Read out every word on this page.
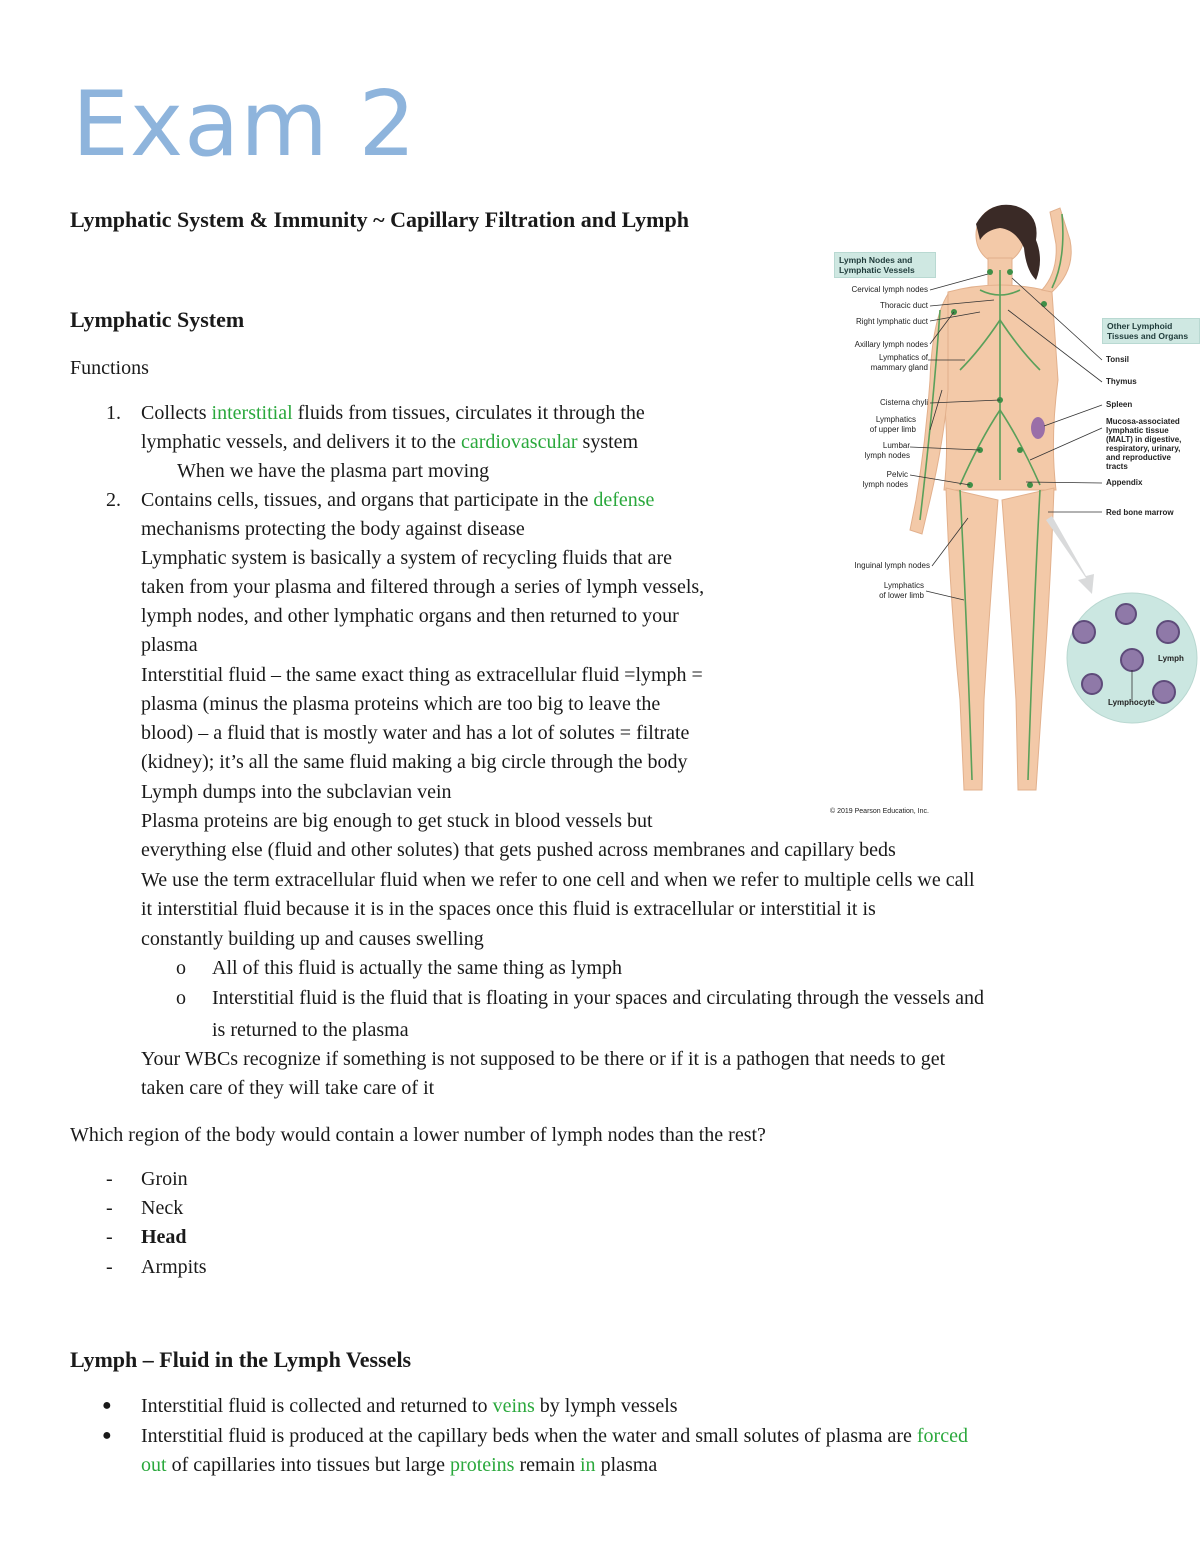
Exam 2
Lymphatic System & Immunity ~ Capillary Filtration and Lymph
Lymphatic System
Functions
1. Collects interstitial fluids from tissues, circulates it through the
lymphatic vessels, and delivers it to the cardiovascular system
When we have the plasma part moving
2. Contains cells, tissues, and organs that participate in the defense
mechanisms protecting the body against disease
Lymphatic system is basically a system of recycling fluids that are
taken from your plasma and filtered through a series of lymph vessels,
lymph nodes, and other lymphatic organs and then returned to your
plasma
Interstitial fluid – the same exact thing as extracellular fluid =lymph =
plasma (minus the plasma proteins which are too big to leave the
blood) – a fluid that is mostly water and has a lot of solutes = filtrate
(kidney); it’s all the same fluid making a big circle through the body
Lymph dumps into the subclavian vein
Plasma proteins are big enough to get stuck in blood vessels but
everything else (fluid and other solutes) that gets pushed across membranes and capillary beds
We use the term extracellular fluid when we refer to one cell and when we refer to multiple cells we call
it interstitial fluid because it is in the spaces once this fluid is extracellular or interstitial it is
constantly building up and causes swelling
o All of this fluid is actually the same thing as lymph
o Interstitial fluid is the fluid that is floating in your spaces and circulating through the vessels and
is returned to the plasma
Your WBCs recognize if something is not supposed to be there or if it is a pathogen that needs to get
taken care of they will take care of it
Which region of the body would contain a lower number of lymph nodes than the rest?
- Groin
- Neck
- Head
- Armpits
Lymph – Fluid in the Lymph Vessels
● Interstitial fluid is collected and returned to veins by lymph vessels
● Interstitial fluid is produced at the capillary beds when the water and small solutes of plasma are forced
out of capillaries into tissues but large proteins remain in plasma
Lymph Nodes and Lymphatic Vessels
Other Lymphoid Tissues and Organs
Cervical lymph nodes
Thoracic duct
Right lymphatic duct
Axillary lymph nodes
Lymphatics of
mammary gland
Cisterna chyli
Lymphatics
of upper limb
Lumbar
lymph nodes
Pelvic
lymph nodes
Inguinal lymph nodes
Lymphatics
of lower limb
Tonsil
Thymus
Spleen
Mucosa-associated
lymphatic tissue
(MALT) in digestive,
respiratory, urinary,
and reproductive
tracts
Appendix
Red bone marrow
Lymph
Lymphocyte
© 2019 Pearson Education, Inc.
